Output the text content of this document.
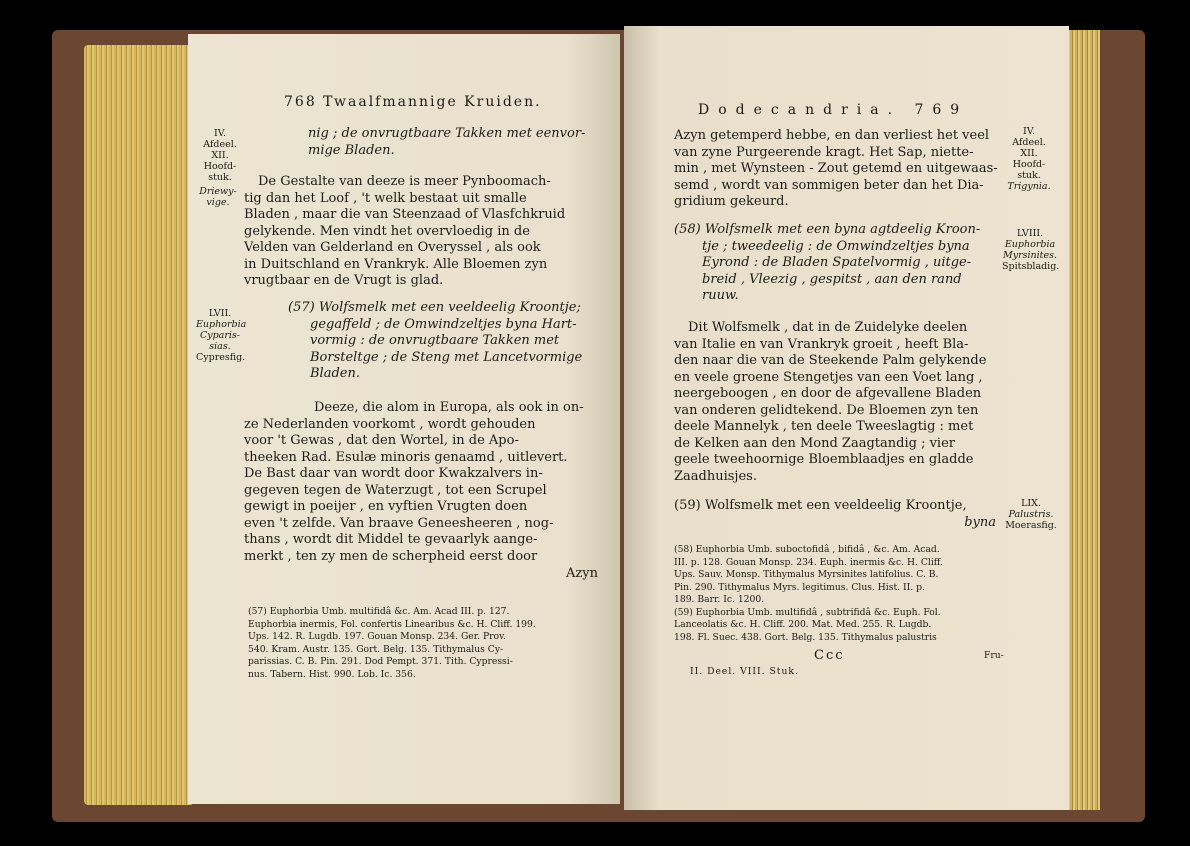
768 Twaalfmannige Kruiden.
IV.
Afdeel.
XII.
Hoofd-
stuk.
nig ; de onvrugtbaare Takken met eenvor-
mige Bladen.
Driewy-
vige.
De Gestalte van deeze is meer Pynboomach-
tig dan het Loof , 't welk bestaat uit smalle
Bladen , maar die van Steenzaad of Vlasfchkruid
gelykende. Men vindt het overvloedig in de
Velden van Gelderland en Overyssel , als ook
in Duitschland en Vrankryk. Alle Bloemen zyn
vrugtbaar en de Vrugt is glad.
LVII.
Euphorbia
Cyparis-
sias.
Cypresfig.
(57) Wolfsmelk met een veeldeelig Kroontje;
gegaffeld ; de Omwindzeltjes byna Hart-
vormig : de onvrugtbaare Takken met
Borsteltge ; de Steng met Lancetvormige
Bladen.
Deeze, die alom in Europa, als ook in on-
ze Nederlanden voorkomt , wordt gehouden
voor 't Gewas , dat den Wortel, in de Apo-
theeken Rad. Esulæ minoris genaamd , uitlevert.
De Bast daar van wordt door Kwakzalvers in-
gegeven tegen de Waterzugt , tot een Scrupel
gewigt in poeijer , en vyftien Vrugten doen
even 't zelfde. Van braave Geneesheeren , nog-
thans , wordt dit Middel te gevaarlyk aange-
merkt , ten zy men de scherpheid eerst door
Azyn
(57) Euphorbia Umb. multifidâ &c. Am. Acad III. p. 127.
Euphorbia inermis, Fol. confertis Linearibus &c. H. Cliff. 199.
Ups. 142. R. Lugdb. 197. Gouan Monsp. 234. Ger. Prov.
540. Kram. Austr. 135. Gort. Belg. 135. Tithymalus Cy-
parissias. C. B. Pin. 291. Dod Pempt. 371. Tith. Cypressi-
nus. Tabern. Hist. 990. Lob. Ic. 356.
Dodecandria. 769
Azyn getemperd hebbe, en dan verliest het veel
van zyne Purgeerende kragt. Het Sap, niette-
min , met Wynsteen - Zout getemd en uitgewaas-
semd , wordt van sommigen beter dan het Dia-
gridium gekeurd.
IV.
Afdeel.
XII.
Hoofd-
stuk.
Trigynia.
(58) Wolfsmelk met een byna agtdeelig Kroon-
tje ; tweedeelig : de Omwindzeltjes byna
Eyrond : de Bladen Spatelvormig , uitge-
breid , Vleezig , gespitst , aan den rand
ruuw.
LVIII.
Euphorbia
Myrsinites.
Spitsbladig.
Dit Wolfsmelk , dat in de Zuidelyke deelen
van Italie en van Vrankryk groeit , heeft Bla-
den naar die van de Steekende Palm gelykende
en veele groene Stengetjes van een Voet lang ,
neergeboogen , en door de afgevallene Bladen
van onderen gelidtekend. De Bloemen zyn ten
deele Mannelyk , ten deele Tweeslagtig : met
de Kelken aan den Mond Zaagtandig ; vier
geele tweehoornige Bloemblaadjes en gladde
Zaadhuisjes.
(59) Wolfsmelk met een veeldeelig Kroontje,
byna
LIX.
Palustris.
Moerasfig.
(58) Euphorbia Umb. suboctofidâ , bifidâ , &c. Am. Acad.
III. p. 128. Gouan Monsp. 234. Euph. inermis &c. H. Cliff.
Ups. Sauv. Monsp. Tithymalus Myrsinites latifolius. C. B.
Pin. 290. Tithymalus Myrs. legitimus. Clus. Hist. II. p.
189. Barr. Ic. 1200.
(59) Euphorbia Umb. multifidâ , subtrifidâ &c. Euph. Fol.
Lanceolatis &c. H. Cliff. 200. Mat. Med. 255. R. Lugdb.
198. Fl. Suec. 438. Gort. Belg. 135. Tithymalus palustris
Ccc	Fru-
II. Deel. VIII. Stuk.
